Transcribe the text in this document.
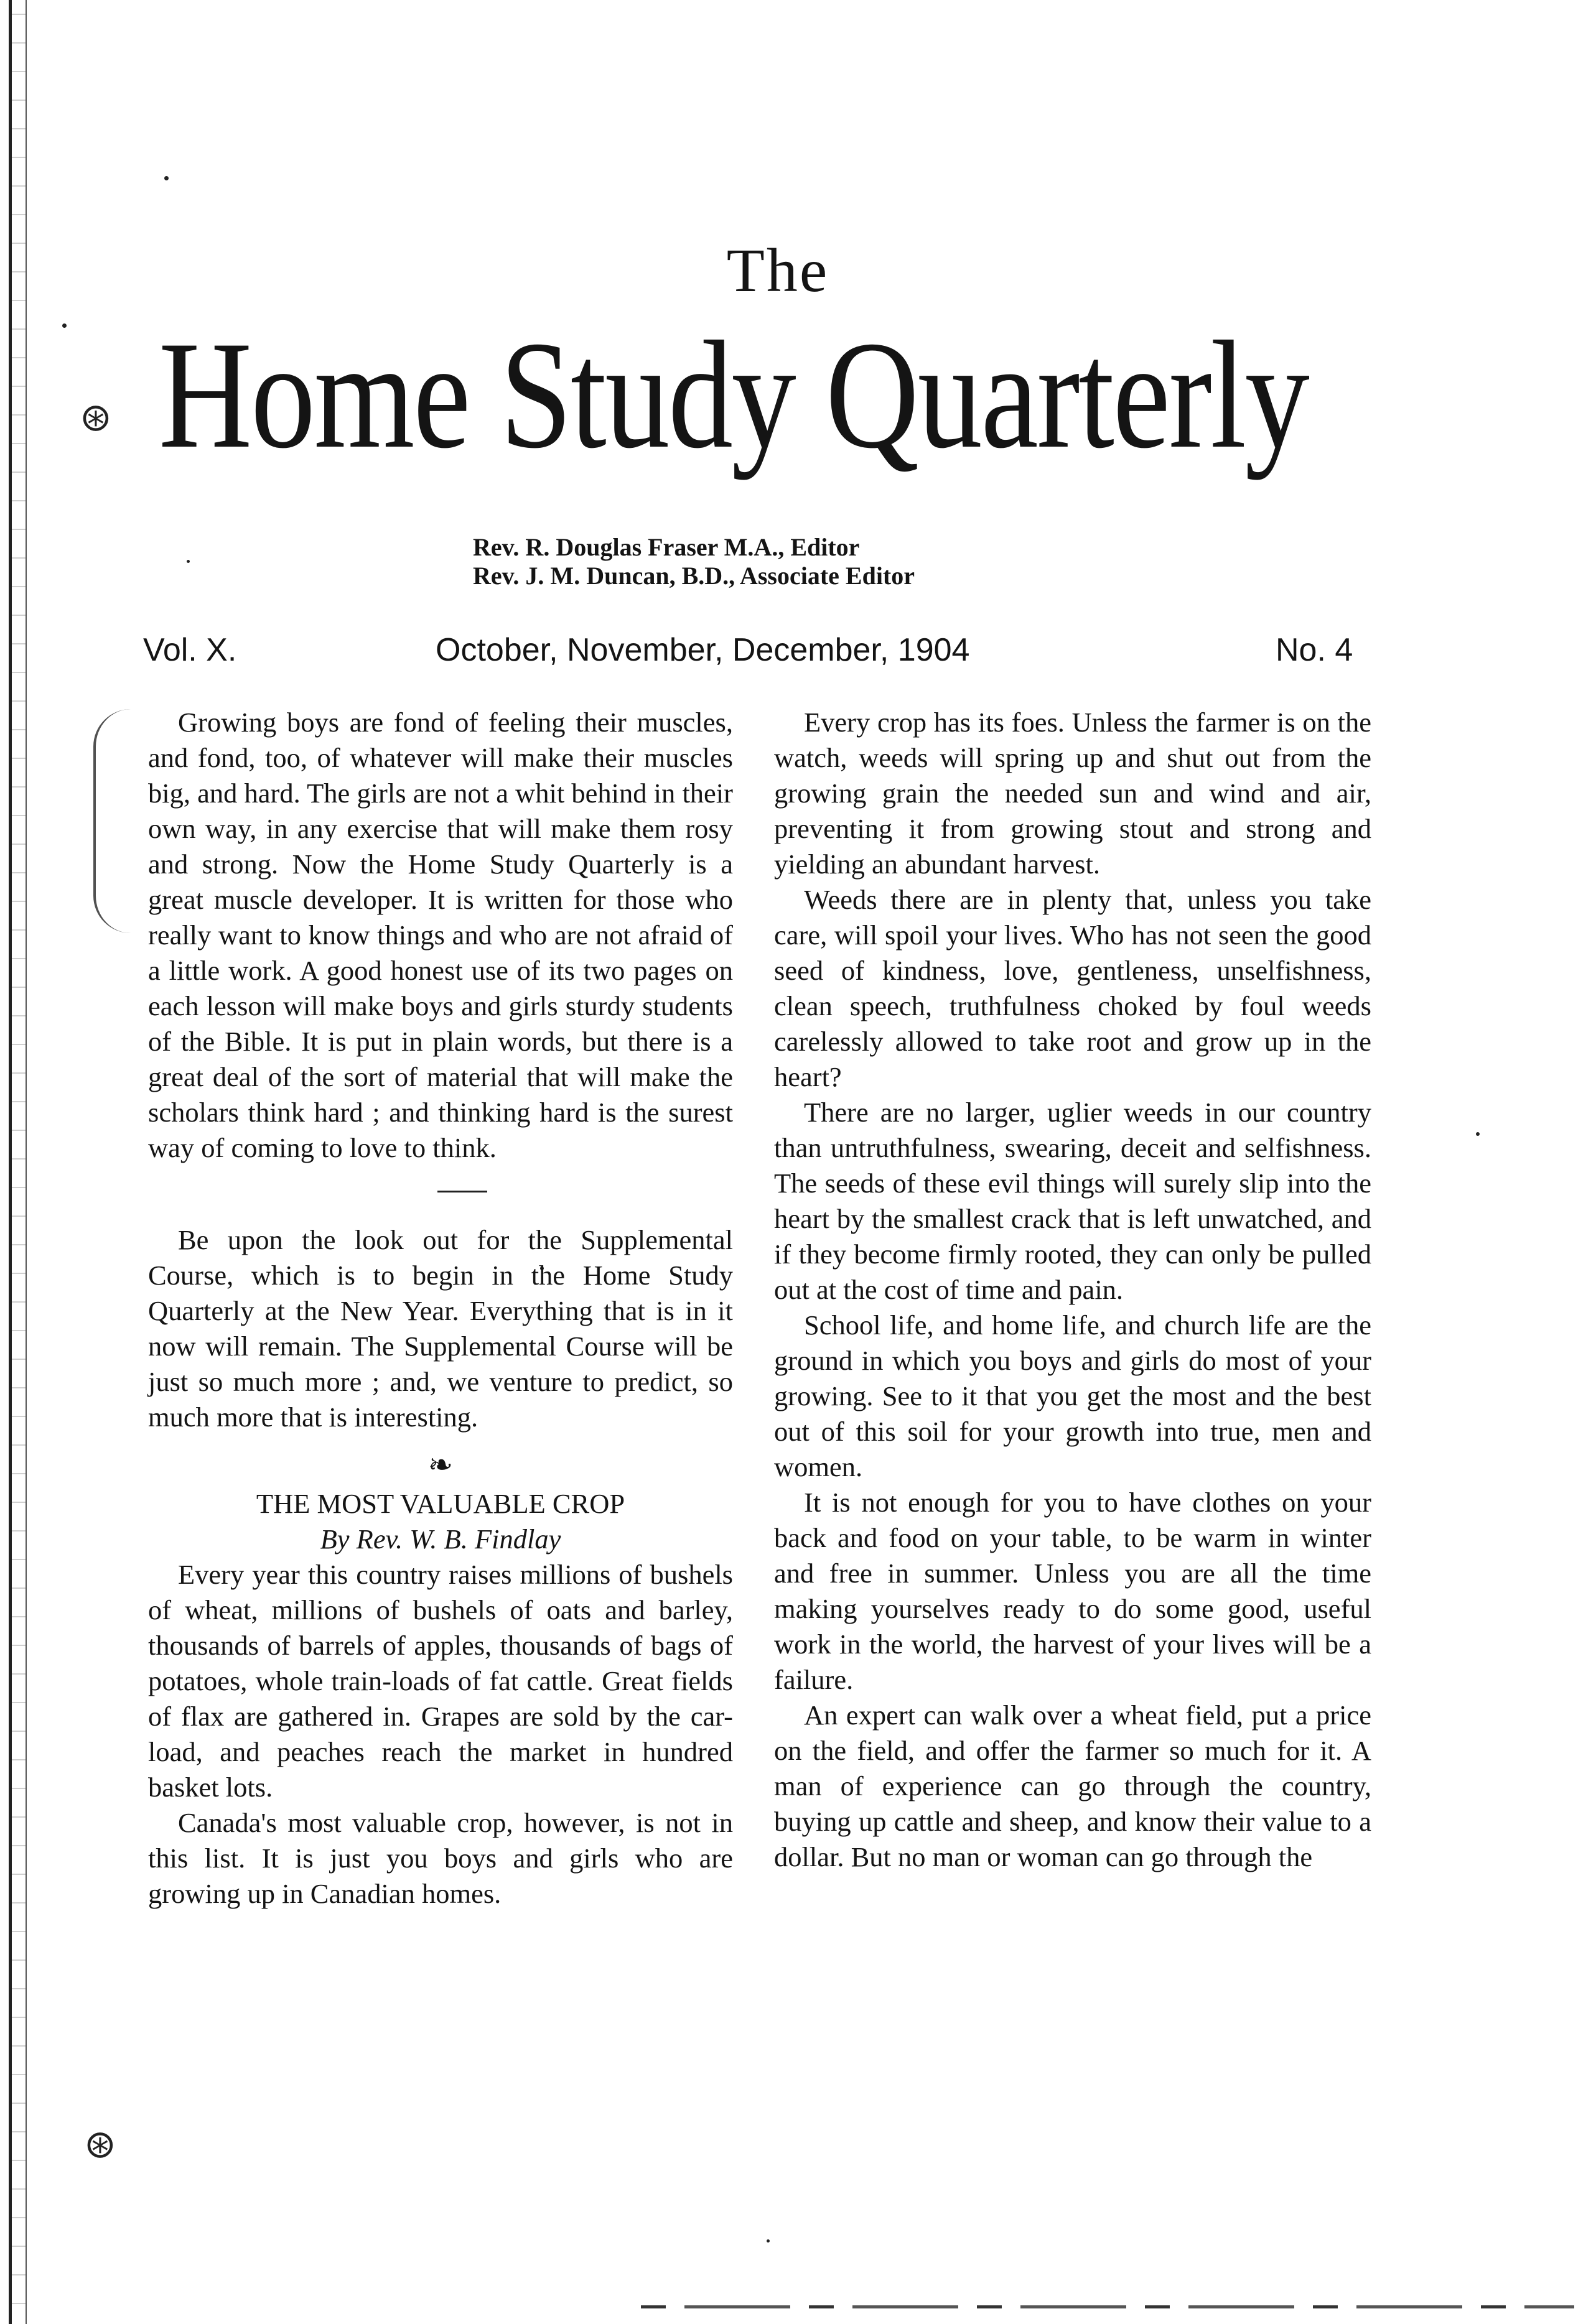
⊛
⊛
The
Home Study Quarterly
Rev. R. Douglas Fraser M.A., Editor
Rev. J. M. Duncan, B.D., Associate Editor
Vol. X.	October, November, December, 1904	No. 4

Growing boys are fond of feeling their muscles, and fond, too, of whatever will make their muscles big, and hard. The girls are not a whit behind in their own way, in any exercise that will make them rosy and strong. Now the Home Study Quarterly is a great muscle developer. It is written for those who really want to know things and who are not afraid of a little work. A good honest use of its two pages on each lesson will make boys and girls sturdy students of the Bible. It is put in plain words, but there is a great deal of the sort of material that will make the scholars think hard ; and thinking hard is the surest way of coming to love to think.

Be upon the look out for the Supplemental Course, which is to begin in the Home Study Quarterly at the New Year. Everything that is in it now will remain. The Supplemental Course will be just so much more ; and, we venture to predict, so much more that is interesting.

❧

THE MOST VALUABLE CROP

By Rev. W. B. Findlay

Every year this country raises millions of bushels of wheat, millions of bushels of oats and barley, thousands of barrels of apples, thousands of bags of potatoes, whole train-loads of fat cattle. Great fields of flax are gathered in. Grapes are sold by the car-load, and peaches reach the market in hundred basket lots.

Canada's most valuable crop, however, is not in this list. It is just you boys and girls who are growing up in Canadian homes.

Every crop has its foes. Unless the farmer is on the watch, weeds will spring up and shut out from the growing grain the needed sun and wind and air, preventing it from growing stout and strong and yielding an abundant harvest.

Weeds there are in plenty that, unless you take care, will spoil your lives. Who has not seen the good seed of kindness, love, gentleness, unselfishness, clean speech, truthfulness choked by foul weeds carelessly allowed to take root and grow up in the heart?

There are no larger, uglier weeds in our country than untruthfulness, swearing, deceit and selfishness. The seeds of these evil things will surely slip into the heart by the smallest crack that is left unwatched, and if they become firmly rooted, they can only be pulled out at the cost of time and pain.

School life, and home life, and church life are the ground in which you boys and girls do most of your growing. See to it that you get the most and the best out of this soil for your growth into true, men and women.

It is not enough for you to have clothes on your back and food on your table, to be warm in winter and free in summer. Unless you are all the time making yourselves ready to do some good, useful work in the world, the harvest of your lives will be a failure.

An expert can walk over a wheat field, put a price on the field, and offer the farmer so much for it. A man of experience can go through the country, buying up cattle and sheep, and know their value to a dollar. But no man or woman can go through the
